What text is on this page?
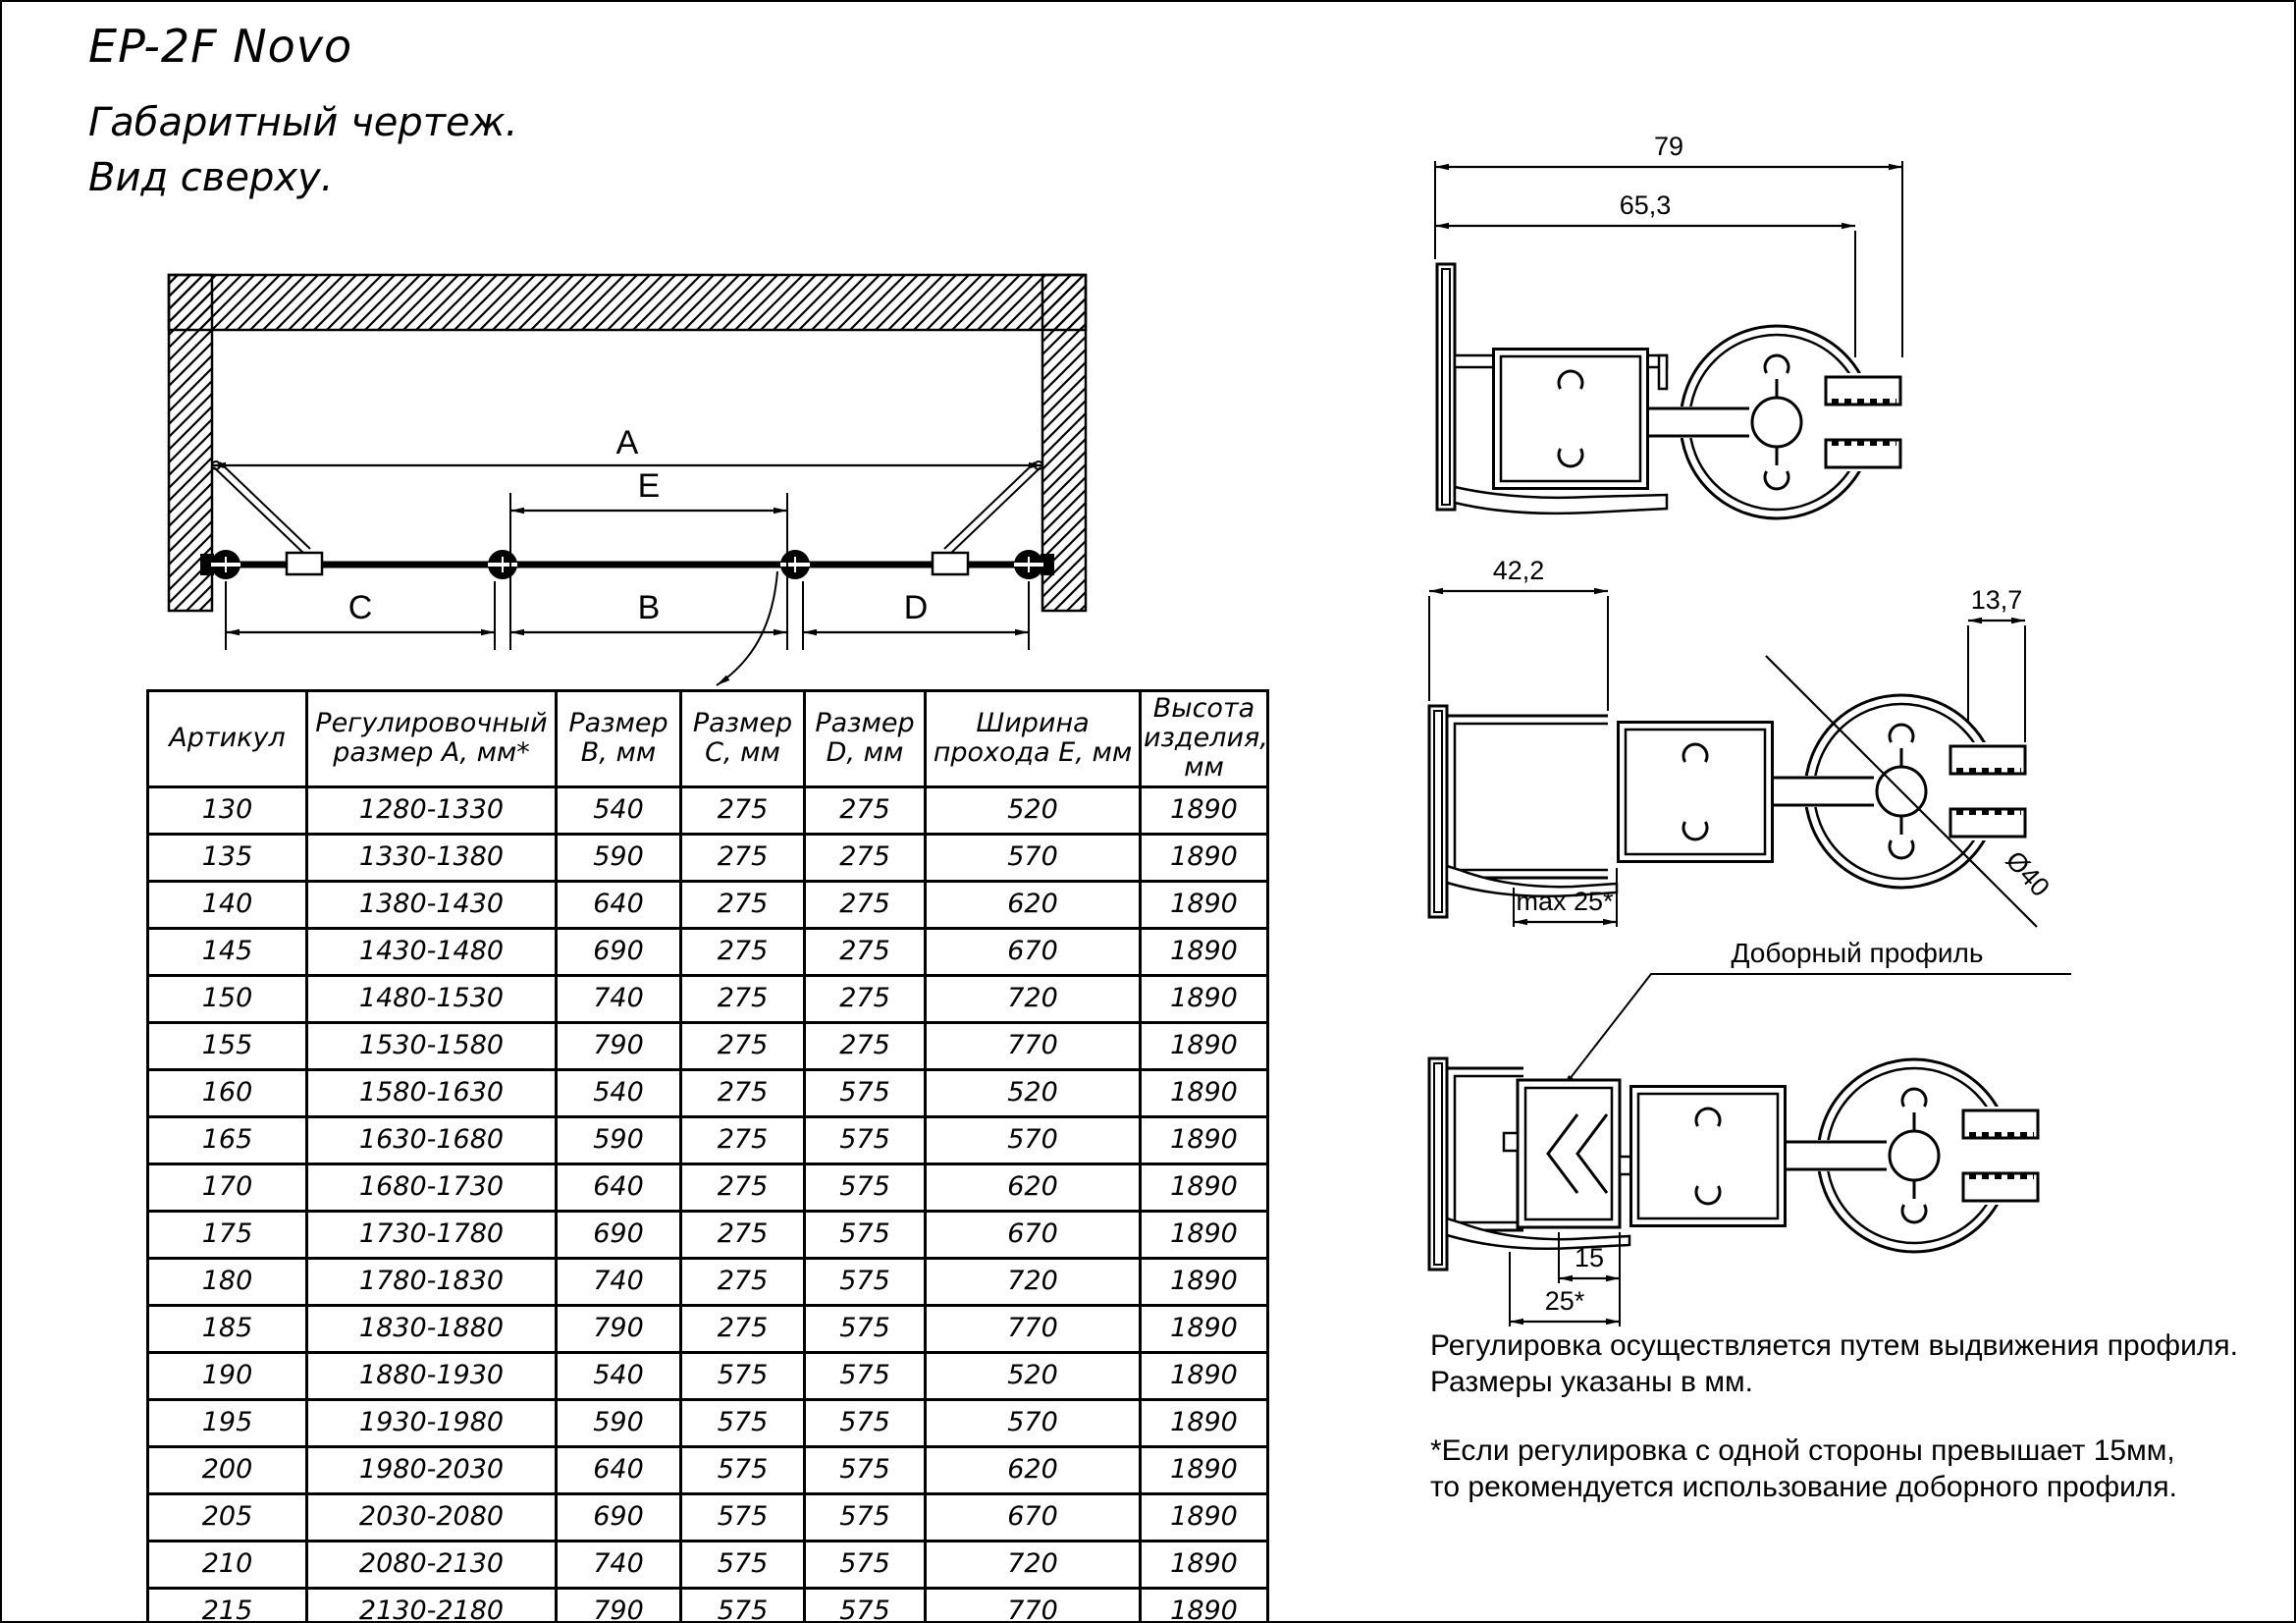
EP-2F Novo
Габаритный чертеж.
Вид сверху.
A
E
C	B	D
79
65,3
42,2
13,7
max 25*	Ø40
Доборный профиль
15
25*
Артикул	Регулировочный размер А, мм*	Размер В, мм	Размер С, мм	Размер D, мм	Ширина прохода Е, мм	Высота изделия, мм
130	1280-1330	540	275	275	520	1890
135	1330-1380	590	275	275	570	1890
140	1380-1430	640	275	275	620	1890
145	1430-1480	690	275	275	670	1890
150	1480-1530	740	275	275	720	1890
155	1530-1580	790	275	275	770	1890
160	1580-1630	540	275	575	520	1890
165	1630-1680	590	275	575	570	1890
170	1680-1730	640	275	575	620	1890
175	1730-1780	690	275	575	670	1890
180	1780-1830	740	275	575	720	1890
185	1830-1880	790	275	575	770	1890
190	1880-1930	540	575	575	520	1890
195	1930-1980	590	575	575	570	1890
200	1980-2030	640	575	575	620	1890
205	2030-2080	690	575	575	670	1890
210	2080-2130	740	575	575	720	1890
215	2130-2180	790	575	575	770	1890
Регулировка осуществляется путем выдвижения профиля.
Размеры указаны в мм.
*Если регулировка с одной стороны превышает 15мм,
то рекомендуется использование доборного профиля.
